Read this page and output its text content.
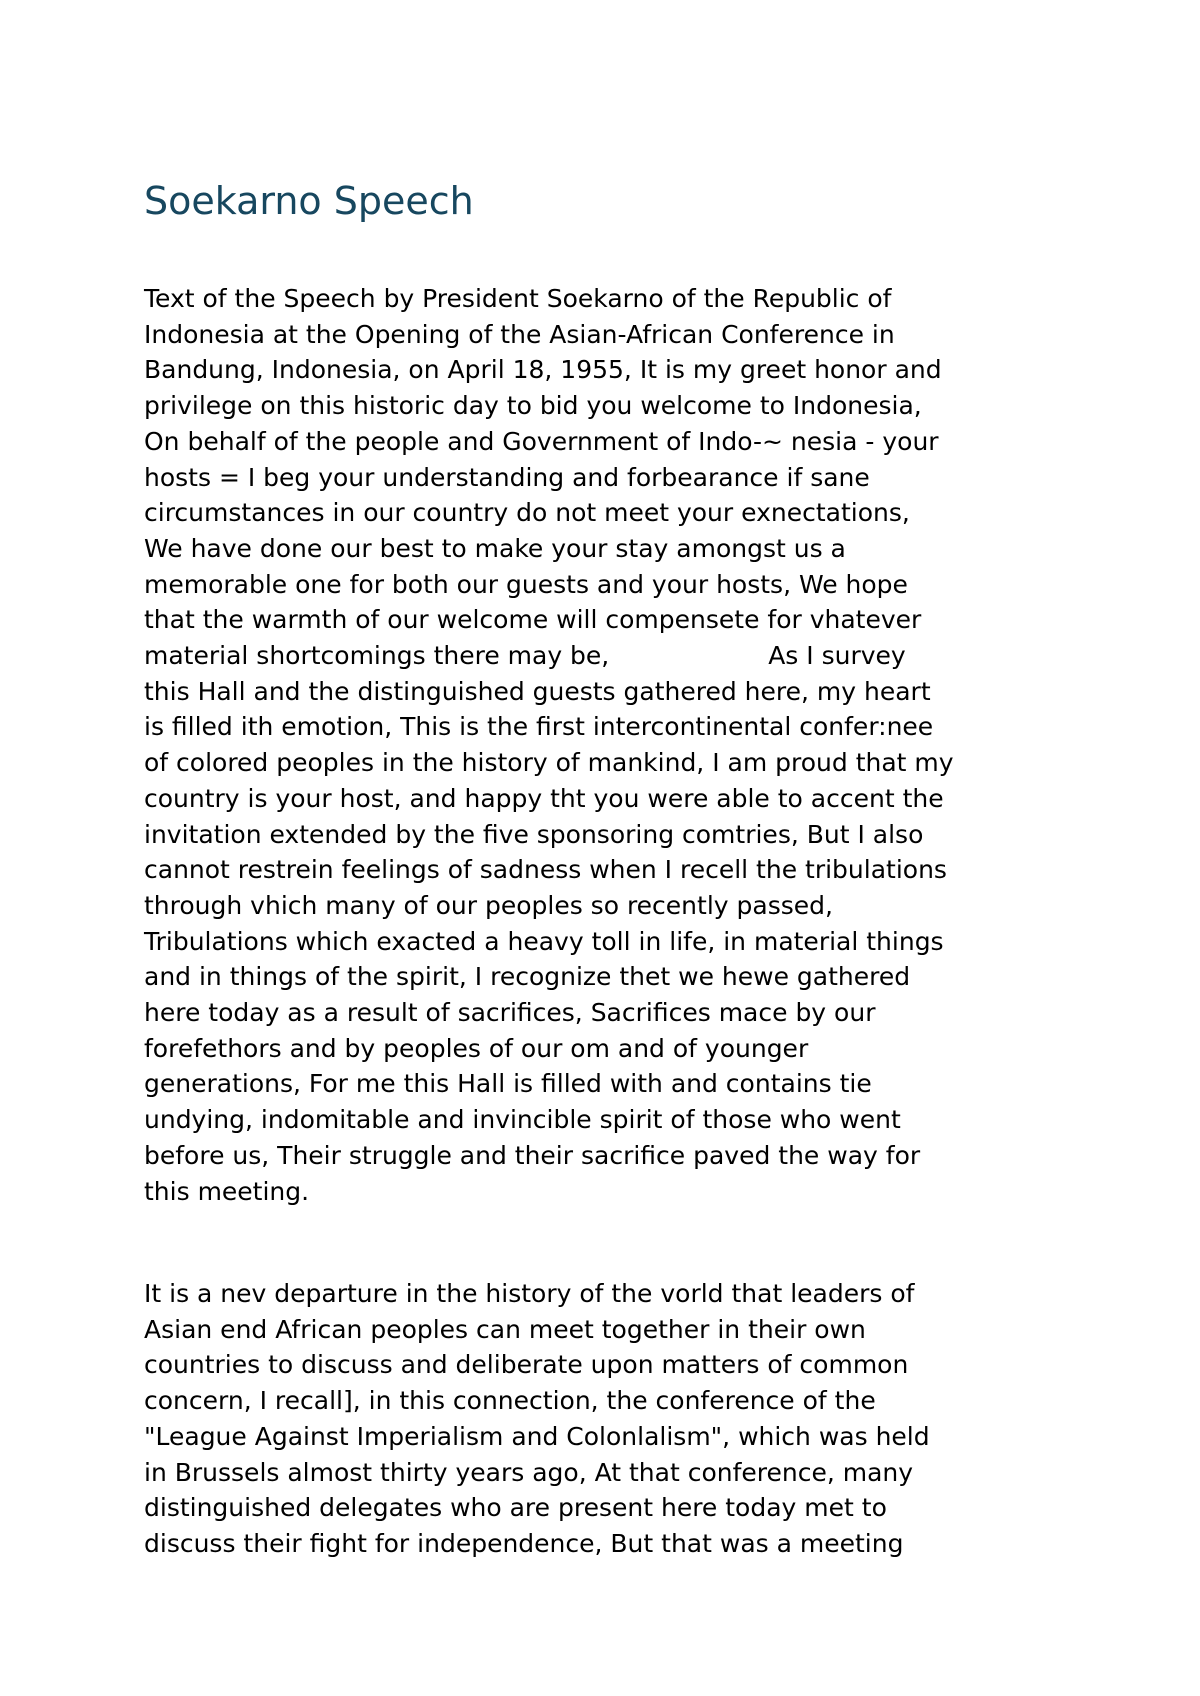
Soekarno Speech
Text of the Speech by President Soekarno of the Republic of
Indonesia at the Opening of the Asian-African Conference in
Bandung, Indonesia, on April 18, 1955, It is my greet honor and
privilege on this historic day to bid you welcome to Indonesia,
On behalf of the people and Government of Indo-~ nesia - your
hosts = I beg your understanding and forbearance if sane
circumstances in our country do not meet your exnectations,
We have done our best to make your stay amongst us a
memorable one for both our guests and your hosts, We hope
that the warmth of our welcome will compensete for vhatever
material shortcomings there may be,                    As I survey
this Hall and the distinguished guests gathered here, my heart
is filled ith emotion, This is the first intercontinental confer:nee
of colored peoples in the history of mankind, I am proud that my
country is your host, and happy tht you were able to accent the
invitation extended by the five sponsoring comtries, But I also
cannot restrein feelings of sadness when I recell the tribulations
through vhich many of our peoples so recently passed,
Tribulations which exacted a heavy toll in life, in material things
and in things of the spirit, I recognize thet we hewe gathered
here today as a result of sacrifices, Sacrifices mace by our
forefethors and by peoples of our om and of younger
generations, For me this Hall is filled with and contains tie
undying, indomitable and invincible spirit of those who went
before us, Their struggle and their sacrifice paved the way for
this meeting.
It is a nev departure in the history of the vorld that leaders of
Asian end African peoples can meet together in their own
countries to discuss and deliberate upon matters of common
concern, I recall], in this connection, the conference of the
"League Against Imperialism and Colonlalism", which was held
in Brussels almost thirty years ago, At that conference, many
distinguished delegates who are present here today met to
discuss their fight for independence, But that was a meeting
